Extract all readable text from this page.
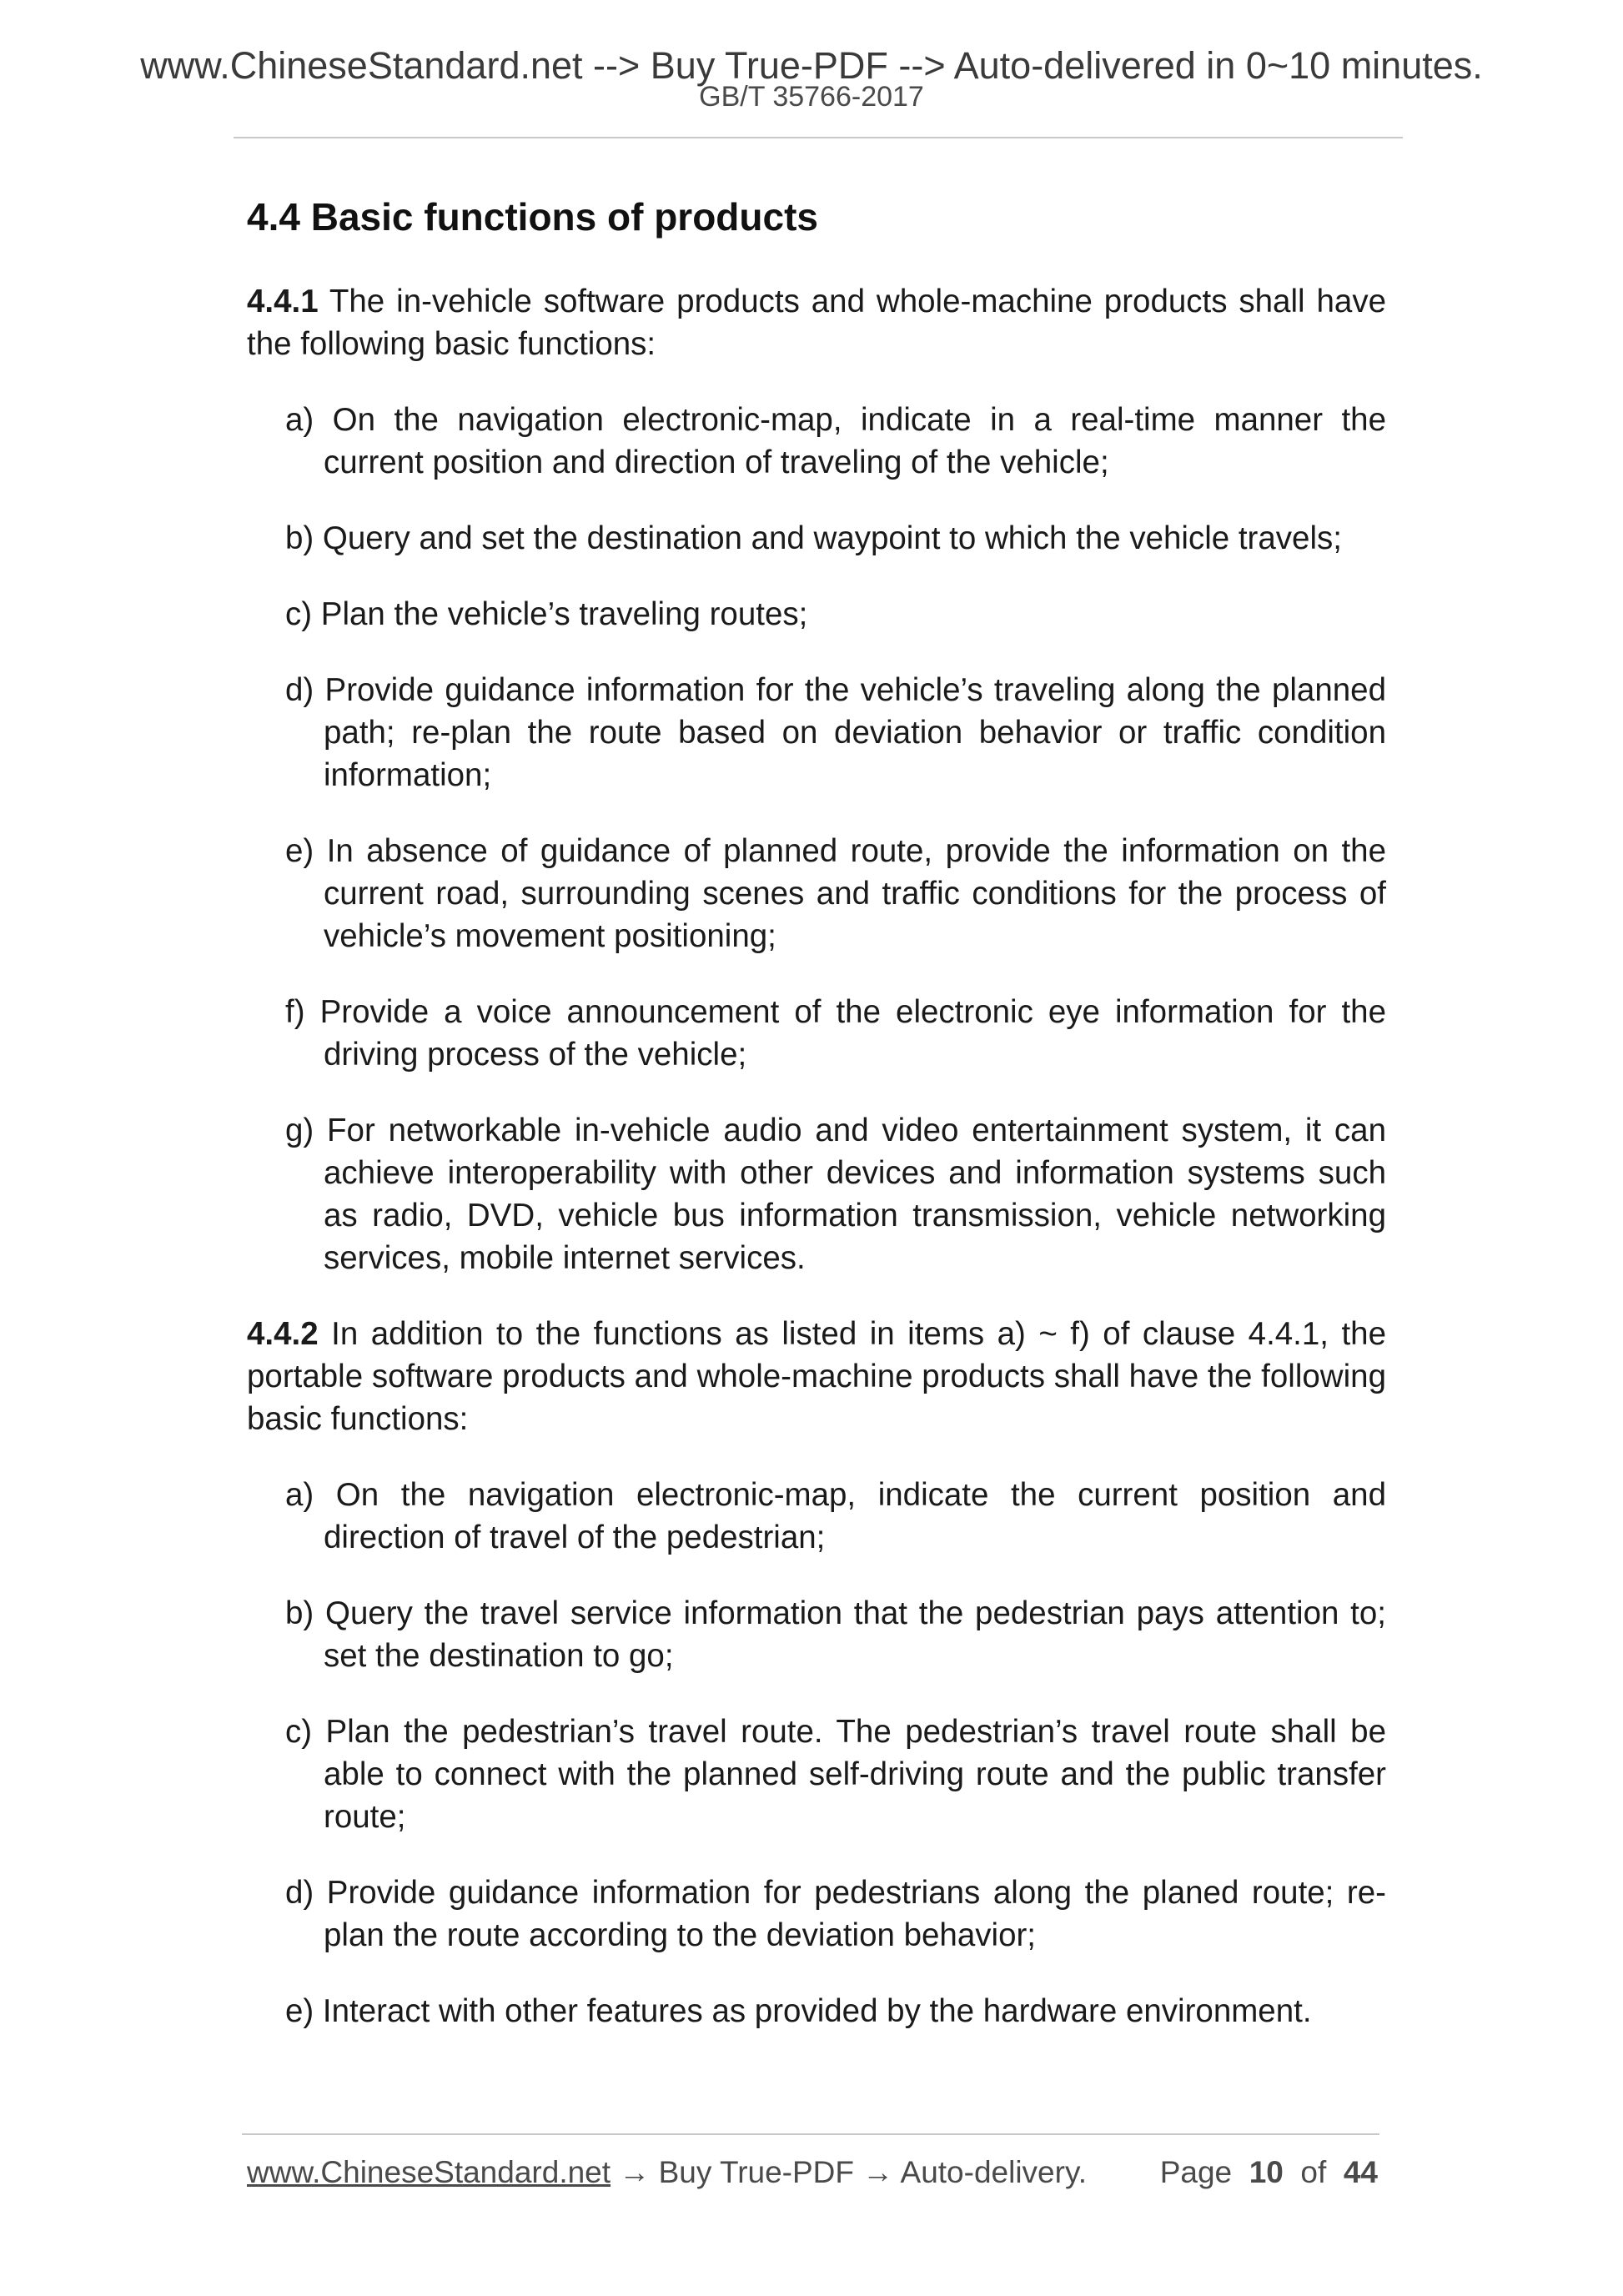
www.ChineseStandard.net --> Buy True-PDF --> Auto-delivered in 0~10 minutes.
GB/T 35766-2017
4.4 Basic functions of products

4.4.1 The in-vehicle software products and whole-machine products shall have the following basic functions:

a) On the navigation electronic-map, indicate in a real-time manner the current position and direction of traveling of the vehicle;
b) Query and set the destination and waypoint to which the vehicle travels;
c) Plan the vehicle’s traveling routes;
d) Provide guidance information for the vehicle’s traveling along the planned path; re-plan the route based on deviation behavior or traffic condition information;
e) In absence of guidance of planned route, provide the information on the current road, surrounding scenes and traffic conditions for the process of vehicle’s movement positioning;
f) Provide a voice announcement of the electronic eye information for the driving process of the vehicle;
g) For networkable in-vehicle audio and video entertainment system, it can achieve interoperability with other devices and information systems such as radio, DVD, vehicle bus information transmission, vehicle networking services, mobile internet services.

4.4.2 In addition to the functions as listed in items a) ~ f) of clause 4.4.1, the portable software products and whole-machine products shall have the following basic functions:

a) On the navigation electronic-map, indicate the current position and direction of travel of the pedestrian;
b) Query the travel service information that the pedestrian pays attention to; set the destination to go;
c) Plan the pedestrian’s travel route. The pedestrian’s travel route shall be able to connect with the planned self-driving route and the public transfer route;
d) Provide guidance information for pedestrians along the planed route; re-plan the route according to the deviation behavior;
e) Interact with other features as provided by the hardware environment.
www.ChineseStandard.net → Buy True-PDF → Auto-delivery. Page 10 of 44
